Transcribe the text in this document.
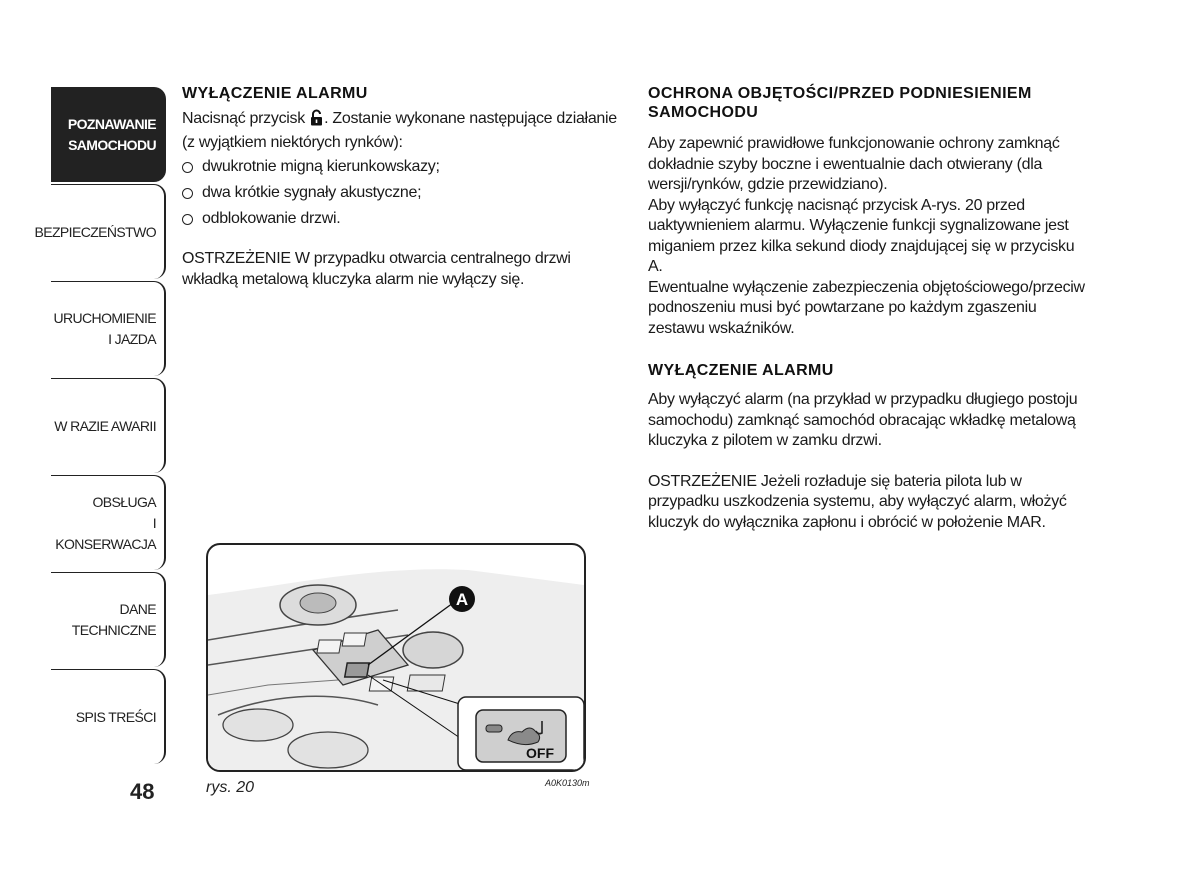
POZNAWANIE
SAMOCHODU
BEZPIECZEŃSTWO
URUCHOMIENIE
I JAZDA
W RAZIE AWARII
OBSŁUGA
I KONSERWACJA
DANE
TECHNICZNE
SPIS TREŚCI
48
WYŁĄCZENIE ALARMU

Nacisnąć przycisk . Zostanie wykonane następujące działanie (z wyjątkiem niektórych rynków):

dwukrotnie migną kierunkowskazy;
dwa krótkie sygnały akustyczne;
odblokowanie drzwi.

OSTRZEŻENIE W przypadku otwarcia centralnego drzwi wkładką metalową kluczyka alarm nie wyłączy się.

OCHRONA OBJĘTOŚCI/PRZED PODNIESIENIEM SAMOCHODU

Aby zapewnić prawidłowe funkcjonowanie ochrony zamknąć dokładnie szyby boczne i ewentualnie dach otwierany (dla wersji/rynków, gdzie przewidziano).

Aby wyłączyć funkcję nacisnąć przycisk A-rys. 20 przed uaktywnieniem alarmu. Wyłączenie funkcji sygnalizowane jest miganiem przez kilka sekund diody znajdującej się w przycisku A.

Ewentualne wyłączenie zabezpieczenia objętościowego/przeciw podnoszeniu musi być powtarzane po każdym zgaszeniu zestawu wskaźników.

WYŁĄCZENIE ALARMU

Aby wyłączyć alarm (na przykład w przypadku długiego postoju samochodu) zamknąć samochód obracając wkładkę metalową kluczyka z pilotem w zamku drzwi.

OSTRZEŻENIE Jeżeli rozładuje się bateria pilota lub w przypadku uszkodzenia systemu, aby wyłączyć alarm, włożyć kluczyk do wyłącznika zapłonu i obrócić w położenie MAR.

A
OFF
rys. 20	A0K0130m
